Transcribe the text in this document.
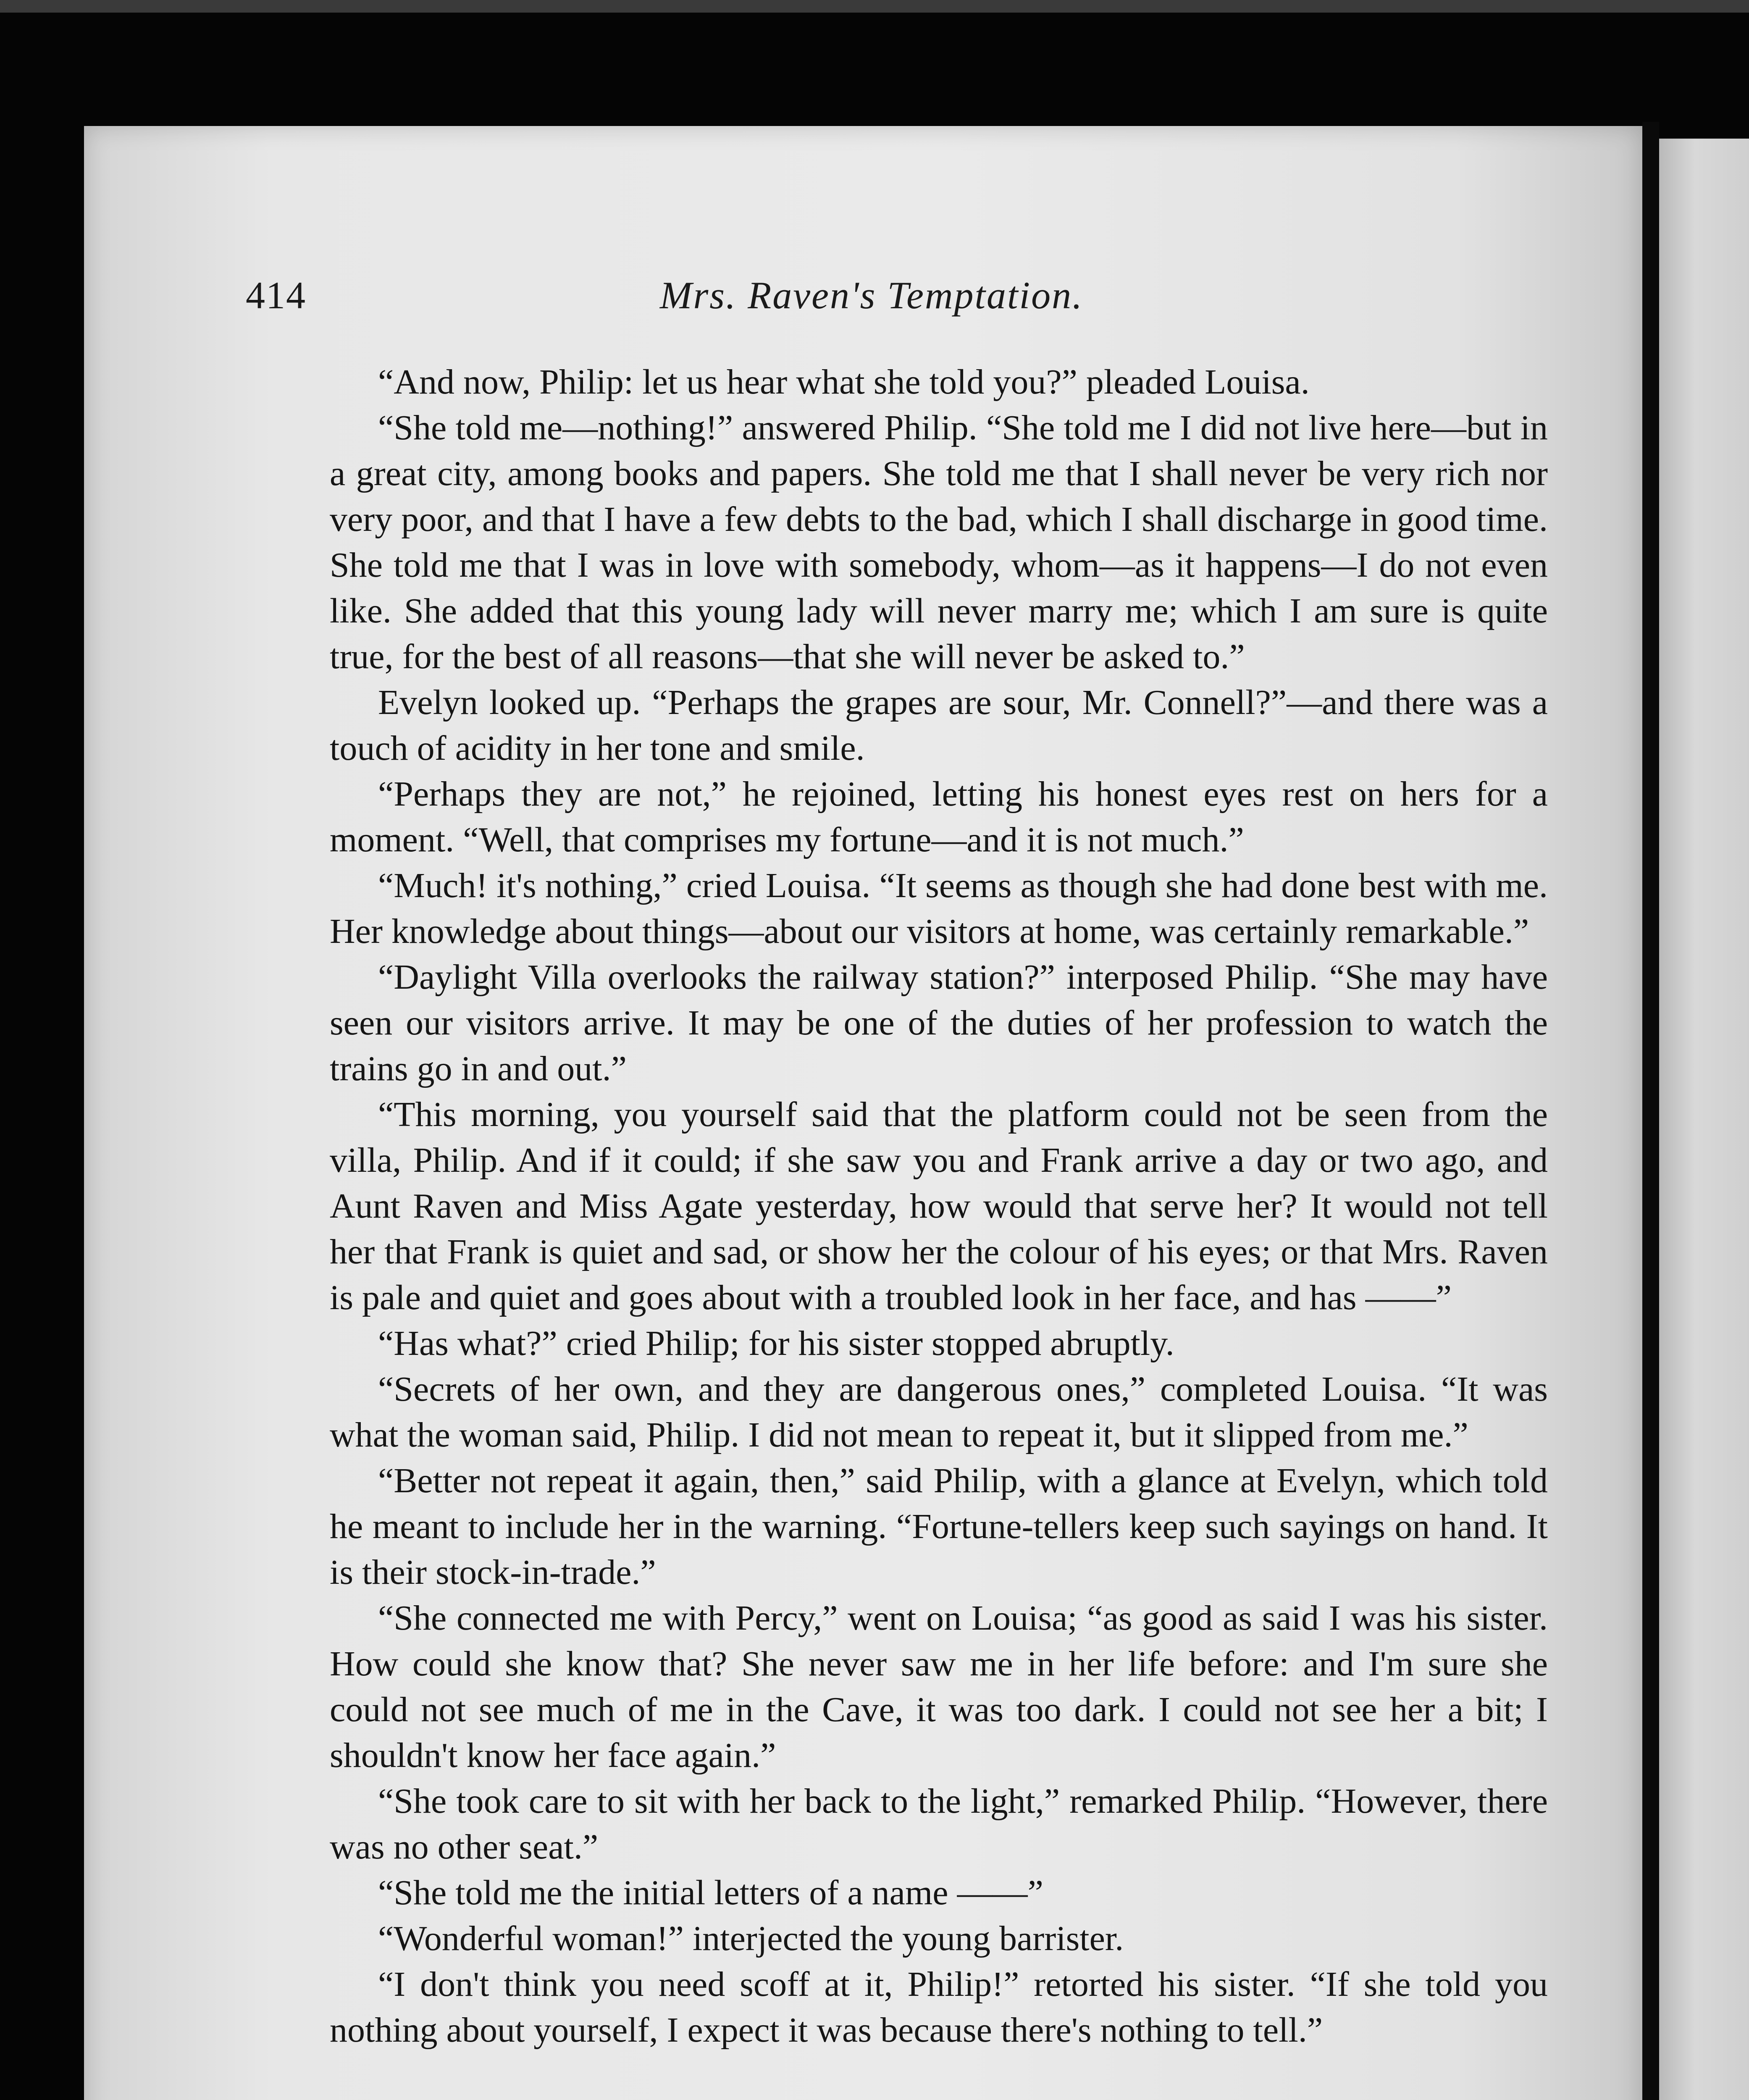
414	Mrs. Raven's Temptation.

“And now, Philip: let us hear what she told you?” pleaded Louisa.

“She told me—nothing!” answered Philip. “She told me I did not live here—but in a great city, among books and papers. She told me that I shall never be very rich nor very poor, and that I have a few debts to the bad, which I shall discharge in good time. She told me that I was in love with somebody, whom—as it happens—I do not even like. She added that this young lady will never marry me; which I am sure is quite true, for the best of all reasons—that she will never be asked to.”

Evelyn looked up. “Perhaps the grapes are sour, Mr. Connell?”—and there was a touch of acidity in her tone and smile.

“Perhaps they are not,” he rejoined, letting his honest eyes rest on hers for a moment. “Well, that comprises my fortune—and it is not much.”

“Much! it's nothing,” cried Louisa. “It seems as though she had done best with me. Her knowledge about things—about our visitors at home, was certainly remarkable.”

“Daylight Villa overlooks the railway station?” interposed Philip. “She may have seen our visitors arrive. It may be one of the duties of her profession to watch the trains go in and out.”

“This morning, you yourself said that the platform could not be seen from the villa, Philip. And if it could; if she saw you and Frank arrive a day or two ago, and Aunt Raven and Miss Agate yesterday, how would that serve her? It would not tell her that Frank is quiet and sad, or show her the colour of his eyes; or that Mrs. Raven is pale and quiet and goes about with a troubled look in her face, and has ——”

“Has what?” cried Philip; for his sister stopped abruptly.

“Secrets of her own, and they are dangerous ones,” completed Louisa. “It was what the woman said, Philip. I did not mean to repeat it, but it slipped from me.”

“Better not repeat it again, then,” said Philip, with a glance at Evelyn, which told he meant to include her in the warning. “Fortune-tellers keep such sayings on hand. It is their stock-in-trade.”

“She connected me with Percy,” went on Louisa; “as good as said I was his sister. How could she know that? She never saw me in her life before: and I'm sure she could not see much of me in the Cave, it was too dark. I could not see her a bit; I shouldn't know her face again.”

“She took care to sit with her back to the light,” remarked Philip. “However, there was no other seat.”

“She told me the initial letters of a name ——”

“Wonderful woman!” interjected the young barrister.

“I don't think you need scoff at it, Philip!” retorted his sister. “If she told you nothing about yourself, I expect it was because there's nothing to tell.”
